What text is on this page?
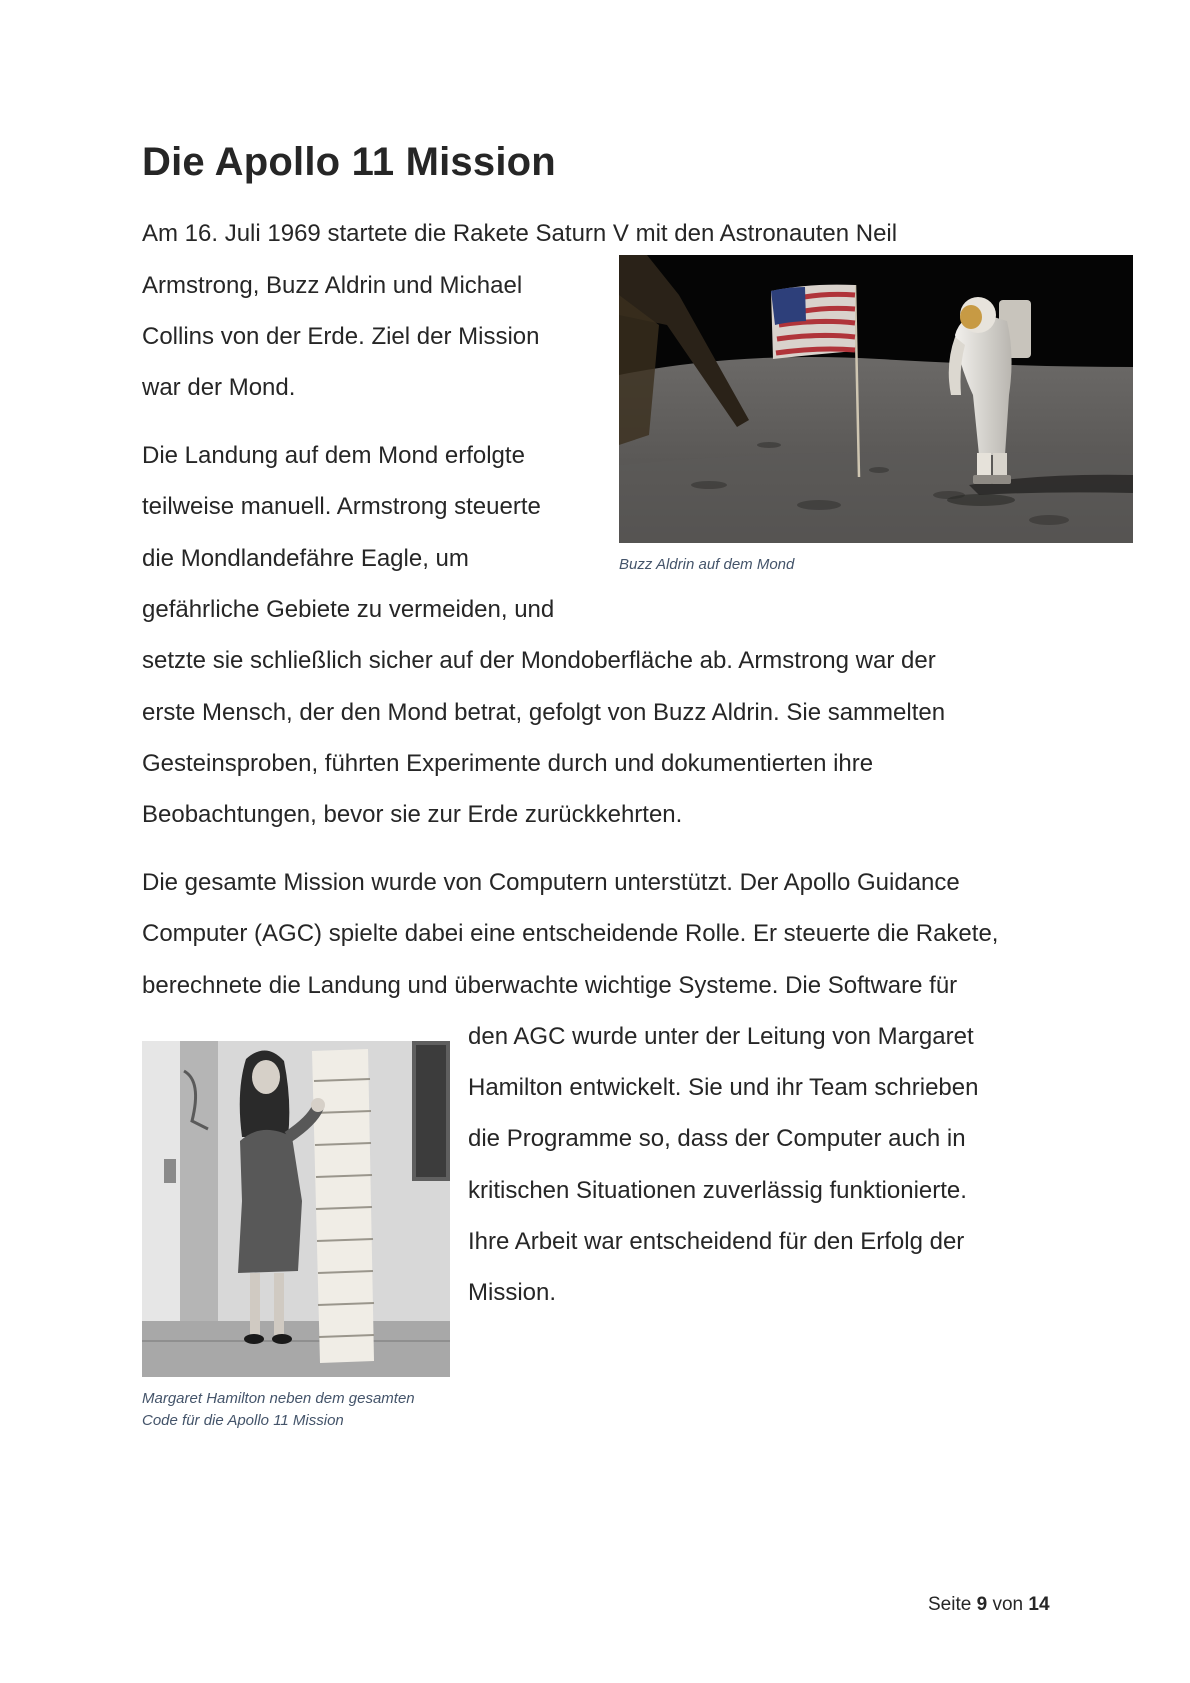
Die Apollo 11 Mission
Am 16. Juli 1969 startete die Rakete Saturn V mit den Astronauten Neil
Armstrong, Buzz Aldrin und Michael
Collins von der Erde. Ziel der Mission
war der Mond.
Die Landung auf dem Mond erfolgte
teilweise manuell. Armstrong steuerte
die Mondlandefähre Eagle, um
gefährliche Gebiete zu vermeiden, und
setzte sie schließlich sicher auf der Mondoberfläche ab. Armstrong war der
erste Mensch, der den Mond betrat, gefolgt von Buzz Aldrin. Sie sammelten
Gesteinsproben, führten Experimente durch und dokumentierten ihre
Beobachtungen, bevor sie zur Erde zurückkehrten.
Die gesamte Mission wurde von Computern unterstützt. Der Apollo Guidance
Computer (AGC) spielte dabei eine entscheidende Rolle. Er steuerte die Rakete,
berechnete die Landung und überwachte wichtige Systeme. Die Software für
den AGC wurde unter der Leitung von Margaret
Hamilton entwickelt. Sie und ihr Team schrieben
die Programme so, dass der Computer auch in
kritischen Situationen zuverlässig funktionierte.
Ihre Arbeit war entscheidend für den Erfolg der
Mission.
Buzz Aldrin auf dem Mond
Margaret Hamilton neben dem gesamten
Code für die Apollo 11 Mission
Seite 9 von 14
